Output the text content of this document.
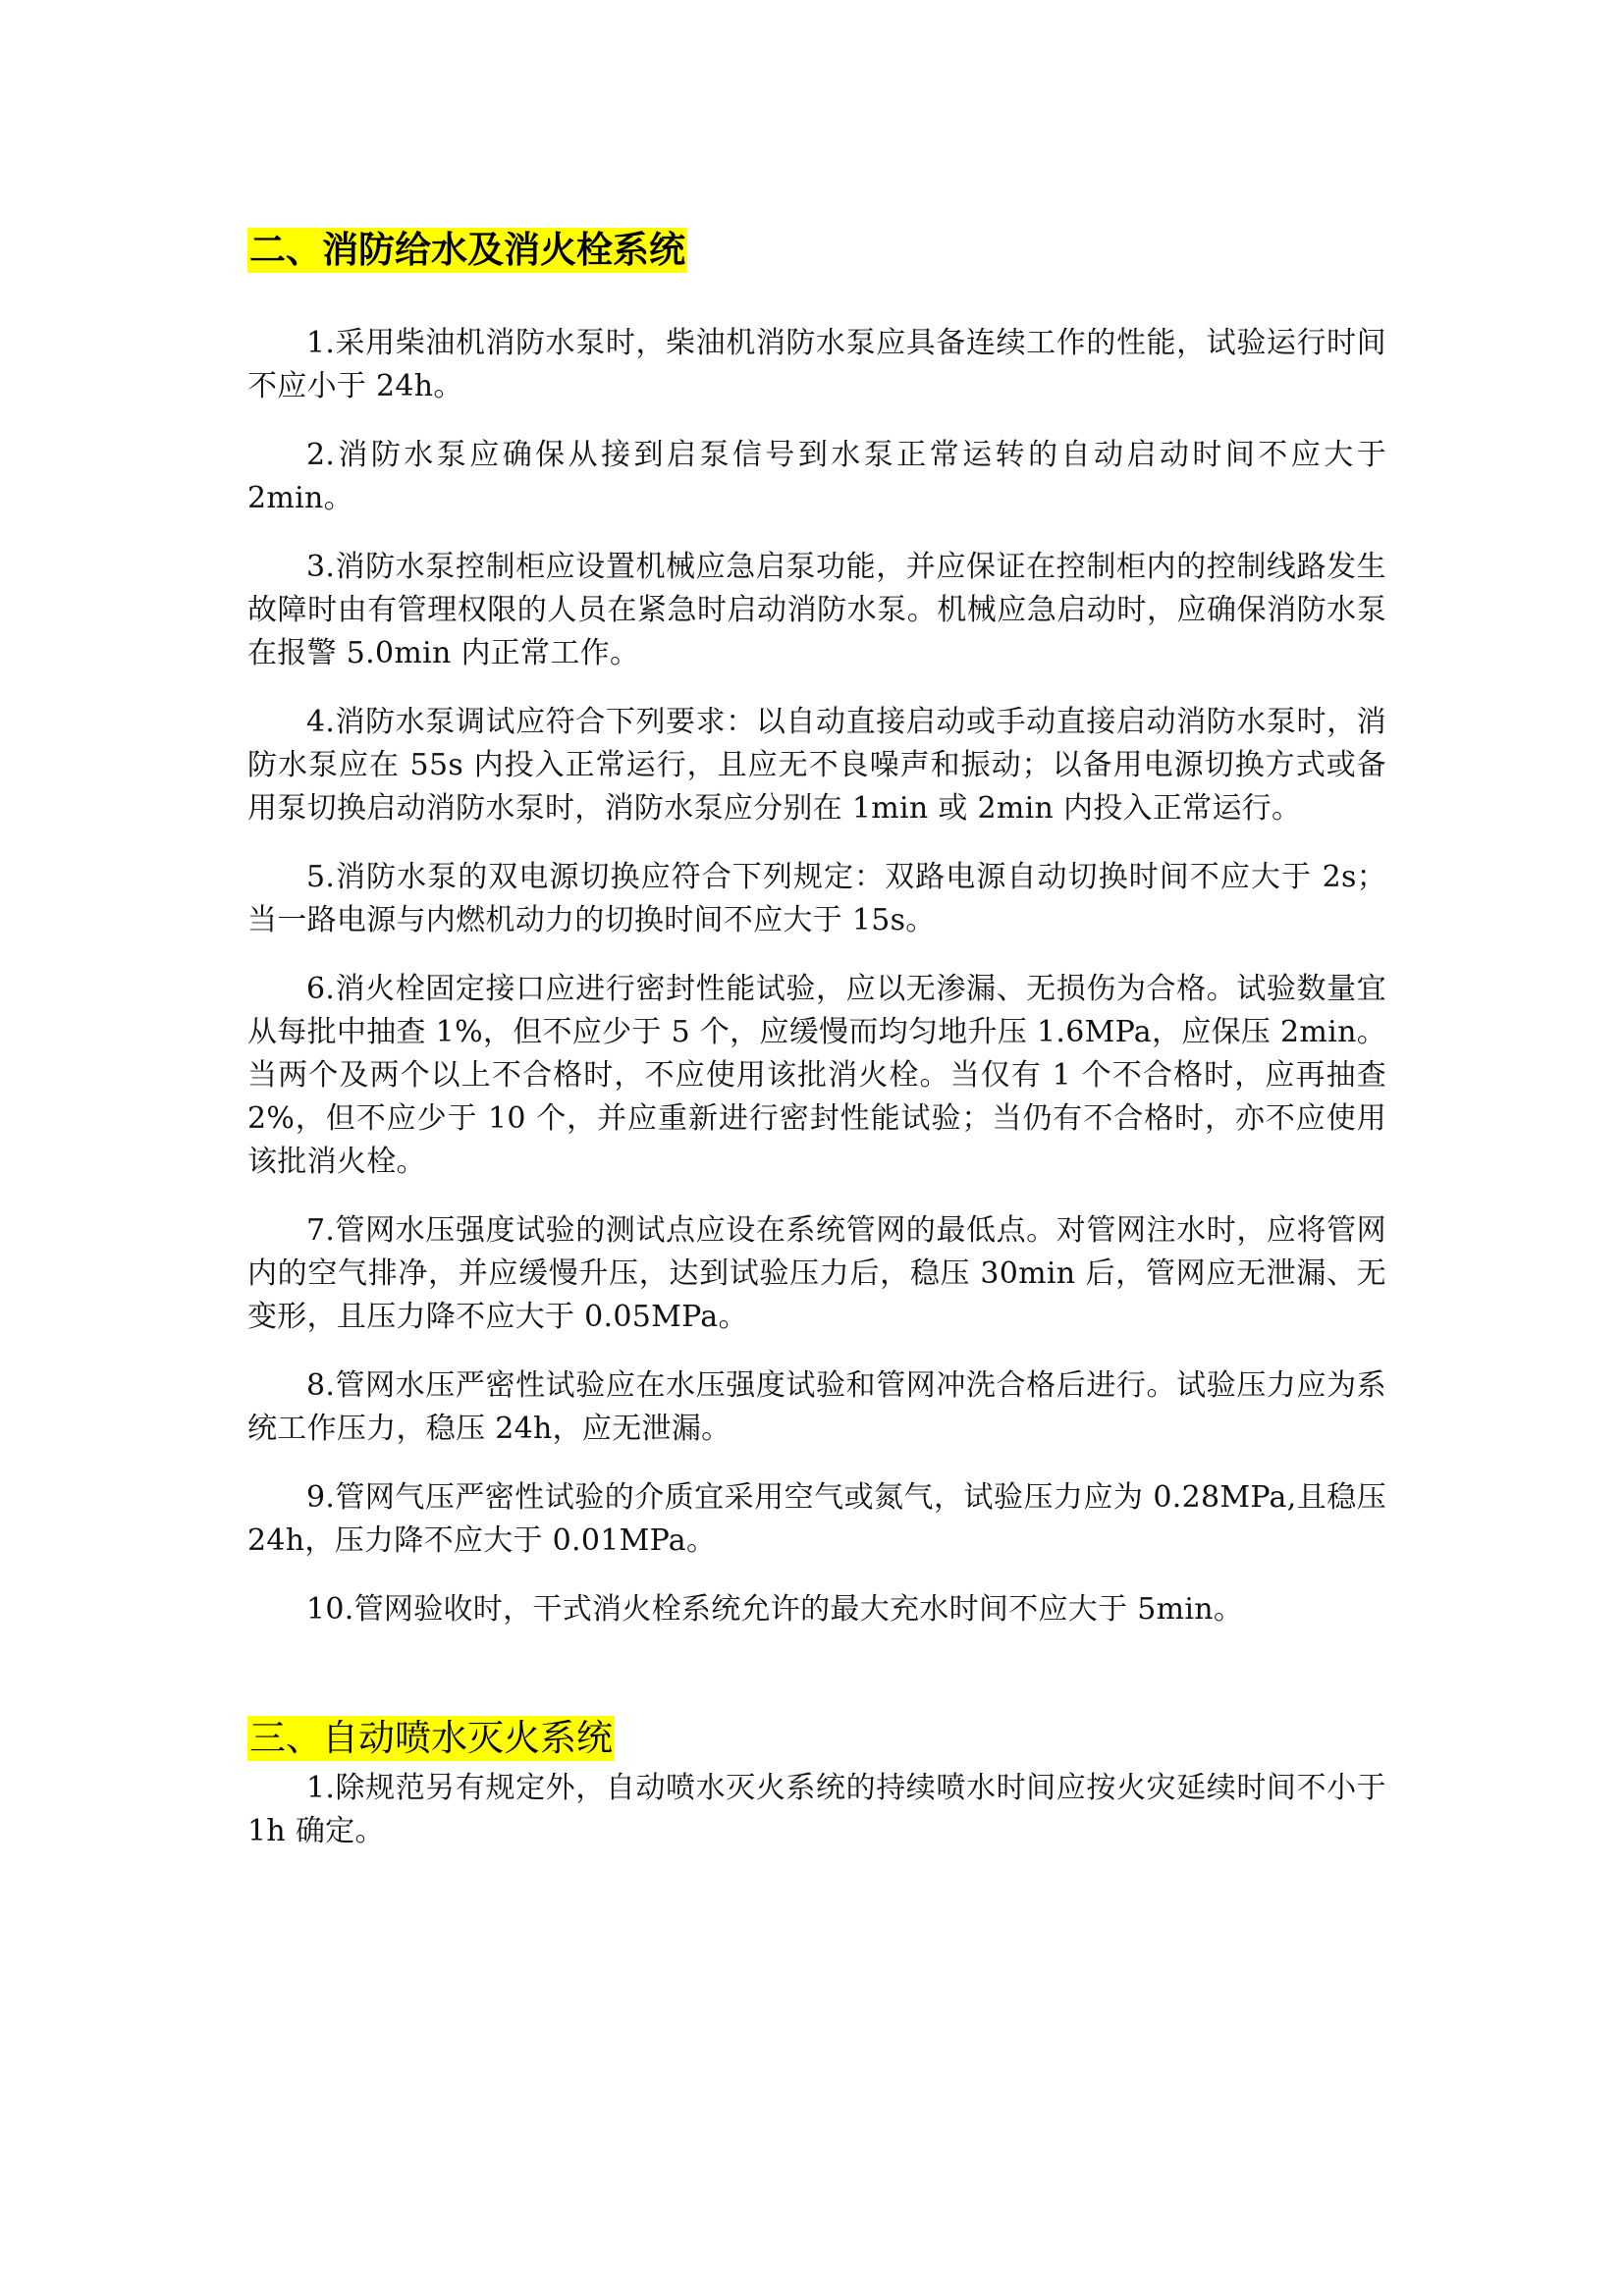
二、消防给水及消火栓系统

1.采用柴油机消防水泵时，柴油机消防水泵应具备连续工作的性能，试验运行时间不应小于 24h。

2.消防水泵应确保从接到启泵信号到水泵正常运转的自动启动时间不应大于 2min。

3.消防水泵控制柜应设置机械应急启泵功能，并应保证在控制柜内的控制线路发生故障时由有管理权限的人员在紧急时启动消防水泵。机械应急启动时，应确保消防水泵在报警 5.0min 内正常工作。

4.消防水泵调试应符合下列要求：以自动直接启动或手动直接启动消防水泵时，消防水泵应在 55s 内投入正常运行，且应无不良噪声和振动；以备用电源切换方式或备用泵切换启动消防水泵时，消防水泵应分别在 1min 或 2min 内投入正常运行。

5.消防水泵的双电源切换应符合下列规定：双路电源自动切换时间不应大于 2s；当一路电源与内燃机动力的切换时间不应大于 15s。

6.消火栓固定接口应进行密封性能试验，应以无渗漏、无损伤为合格。试验数量宜从每批中抽查 1%，但不应少于 5 个，应缓慢而均匀地升压 1.6MPa，应保压 2min。当两个及两个以上不合格时，不应使用该批消火栓。当仅有 1 个不合格时，应再抽查 2%，但不应少于 10 个，并应重新进行密封性能试验；当仍有不合格时，亦不应使用该批消火栓。

7.管网水压强度试验的测试点应设在系统管网的最低点。对管网注水时，应将管网内的空气排净，并应缓慢升压，达到试验压力后，稳压 30min 后，管网应无泄漏、无变形，且压力降不应大于 0.05MPa。

8.管网水压严密性试验应在水压强度试验和管网冲洗合格后进行。试验压力应为系统工作压力，稳压 24h，应无泄漏。

9.管网气压严密性试验的介质宜采用空气或氮气，试验压力应为 0.28MPa,且稳压 24h，压力降不应大于 0.01MPa。

10.管网验收时，干式消火栓系统允许的最大充水时间不应大于 5min。

三、自动喷水灭火系统

1.除规范另有规定外，自动喷水灭火系统的持续喷水时间应按火灾延续时间不小于 1h 确定。
